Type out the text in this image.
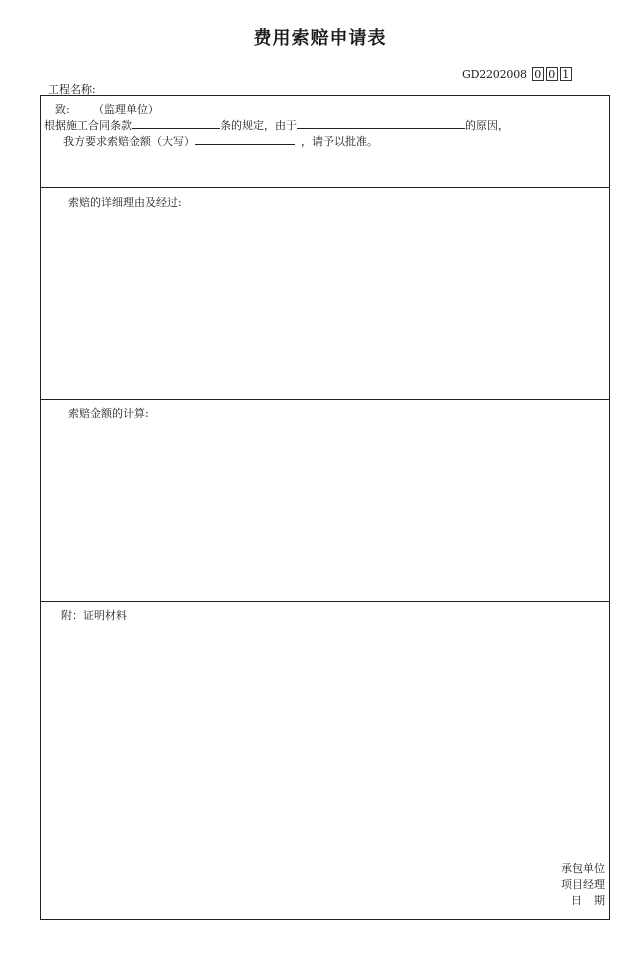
费用索赔申请表
GD2202008 0 0 1
工程名称:
致: （监理单位）
根据施工合同条款	条的规定，由于	的原因，
我方要求索赔金额（大写）	，请予以批准。
索赔的详细理由及经过:
索赔金额的计算:
附：证明材料
承包单位
项目经理
日期
